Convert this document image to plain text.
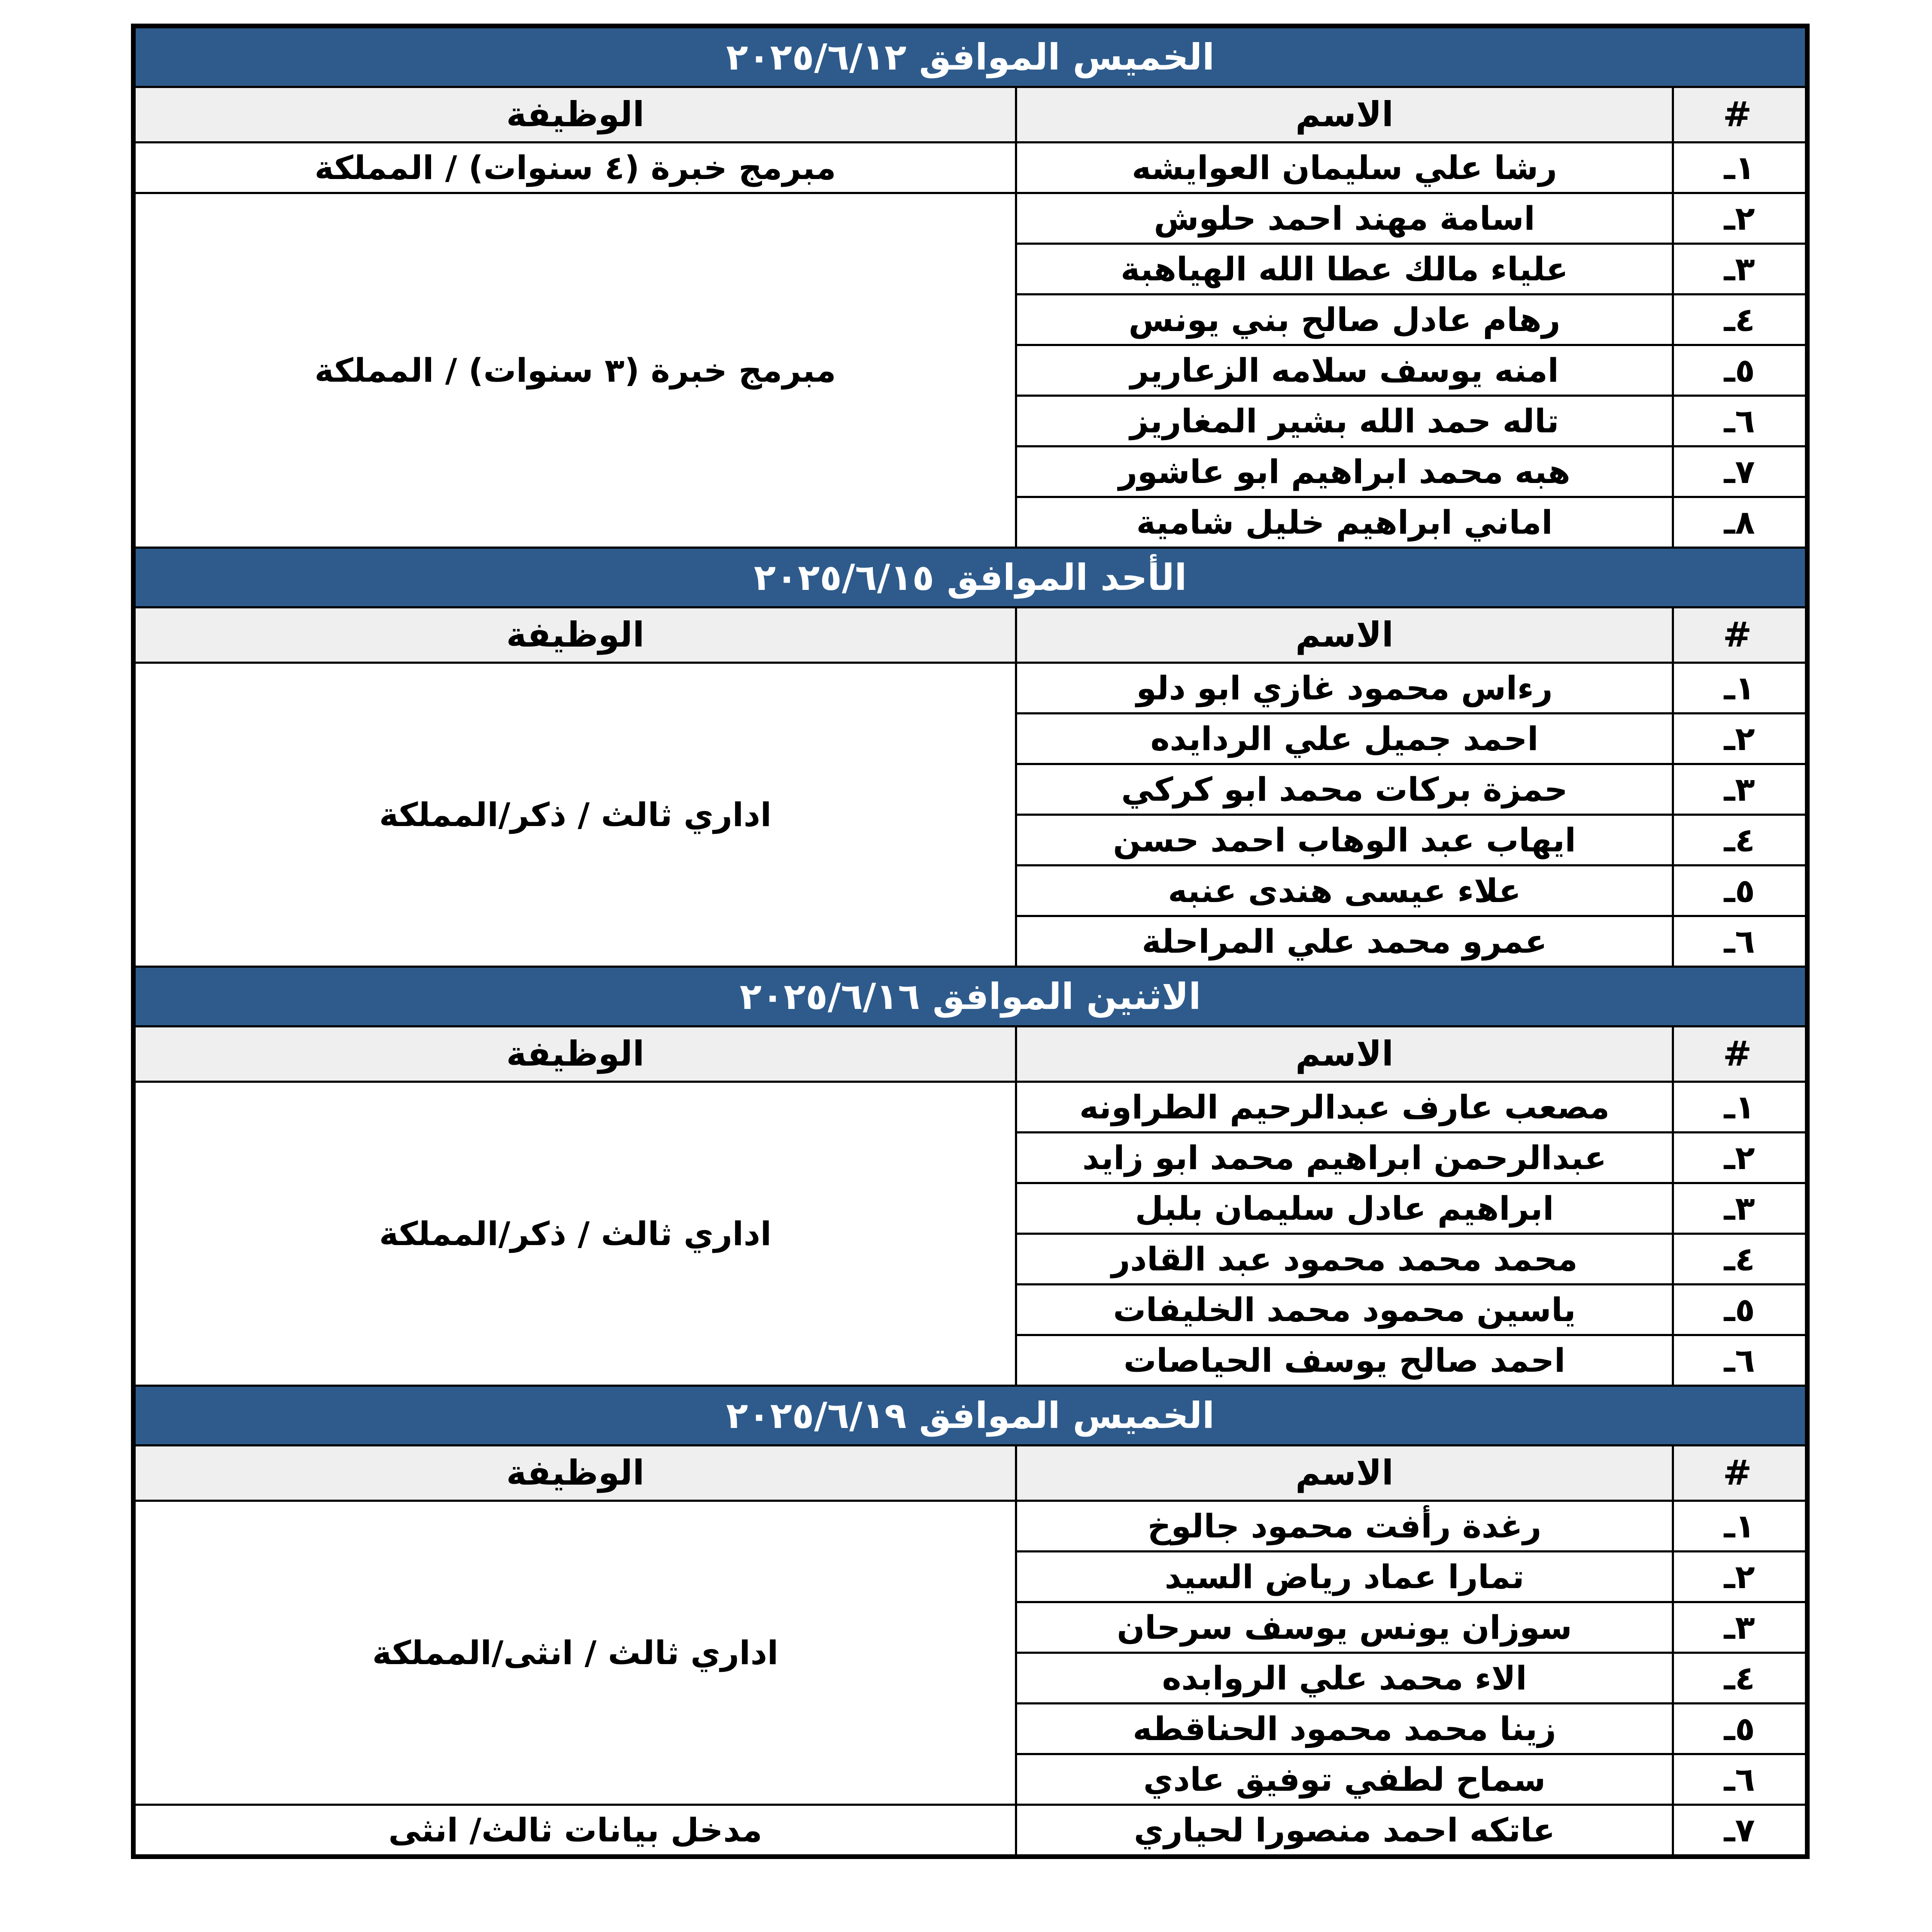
الخميس الموافق ٢٠٢٥/٦/١٢		
#	الاسم	الوظيفة
١ـ	رشا علي سليمان العوايشه	مبرمج خبرة (٤ سنوات) / المملكة
٢ـ	اسامة مهند احمد حلوش	مبرمج خبرة (٣ سنوات) / المملكة
٣ـ	علياء مالك عطا الله الهياهبة	
٤ـ	رهام عادل صالح بني يونس	
٥ـ	امنه يوسف سلامه الزعارير	
٦ـ	تاله حمد الله بشير المغاريز	
٧ـ	هبه محمد ابراهيم ابو عاشور	
٨ـ	اماني ابراهيم خليل شامية	
الأحد الموافق ٢٠٢٥/٦/١٥		
#	الاسم	الوظيفة
١ـ	رءاس محمود غازي ابو دلو	اداري ثالث / ذكر/المملكة
٢ـ	احمد جميل علي الردايده	
٣ـ	حمزة بركات محمد ابو كركي	
٤ـ	ايهاب عبد الوهاب احمد حسن	
٥ـ	علاء عيسى هندى عنبه	
٦ـ	عمرو محمد علي المراحلة	
الاثنين الموافق ٢٠٢٥/٦/١٦		
#	الاسم	الوظيفة
١ـ	مصعب عارف عبدالرحيم الطراونه	اداري ثالث / ذكر/المملكة
٢ـ	عبدالرحمن ابراهيم محمد ابو زايد	
٣ـ	ابراهيم عادل سليمان بلبل	
٤ـ	محمد محمد محمود عبد القادر	
٥ـ	ياسين محمود محمد الخليفات	
٦ـ	احمد صالح يوسف الحياصات	
الخميس الموافق ٢٠٢٥/٦/١٩		
#	الاسم	الوظيفة
١ـ	رغدة رأفت محمود جالوخ	اداري ثالث / انثى/المملكة
٢ـ	تمارا عماد رياض السيد	
٣ـ	سوزان يونس يوسف سرحان	
٤ـ	الاء محمد علي الروابده	
٥ـ	زينا محمد محمود الحناقطه	
٦ـ	سماح لطفي توفيق عادي	
٧ـ	عاتكه احمد منصورا لحياري	مدخل بيانات ثالث/ انثى
